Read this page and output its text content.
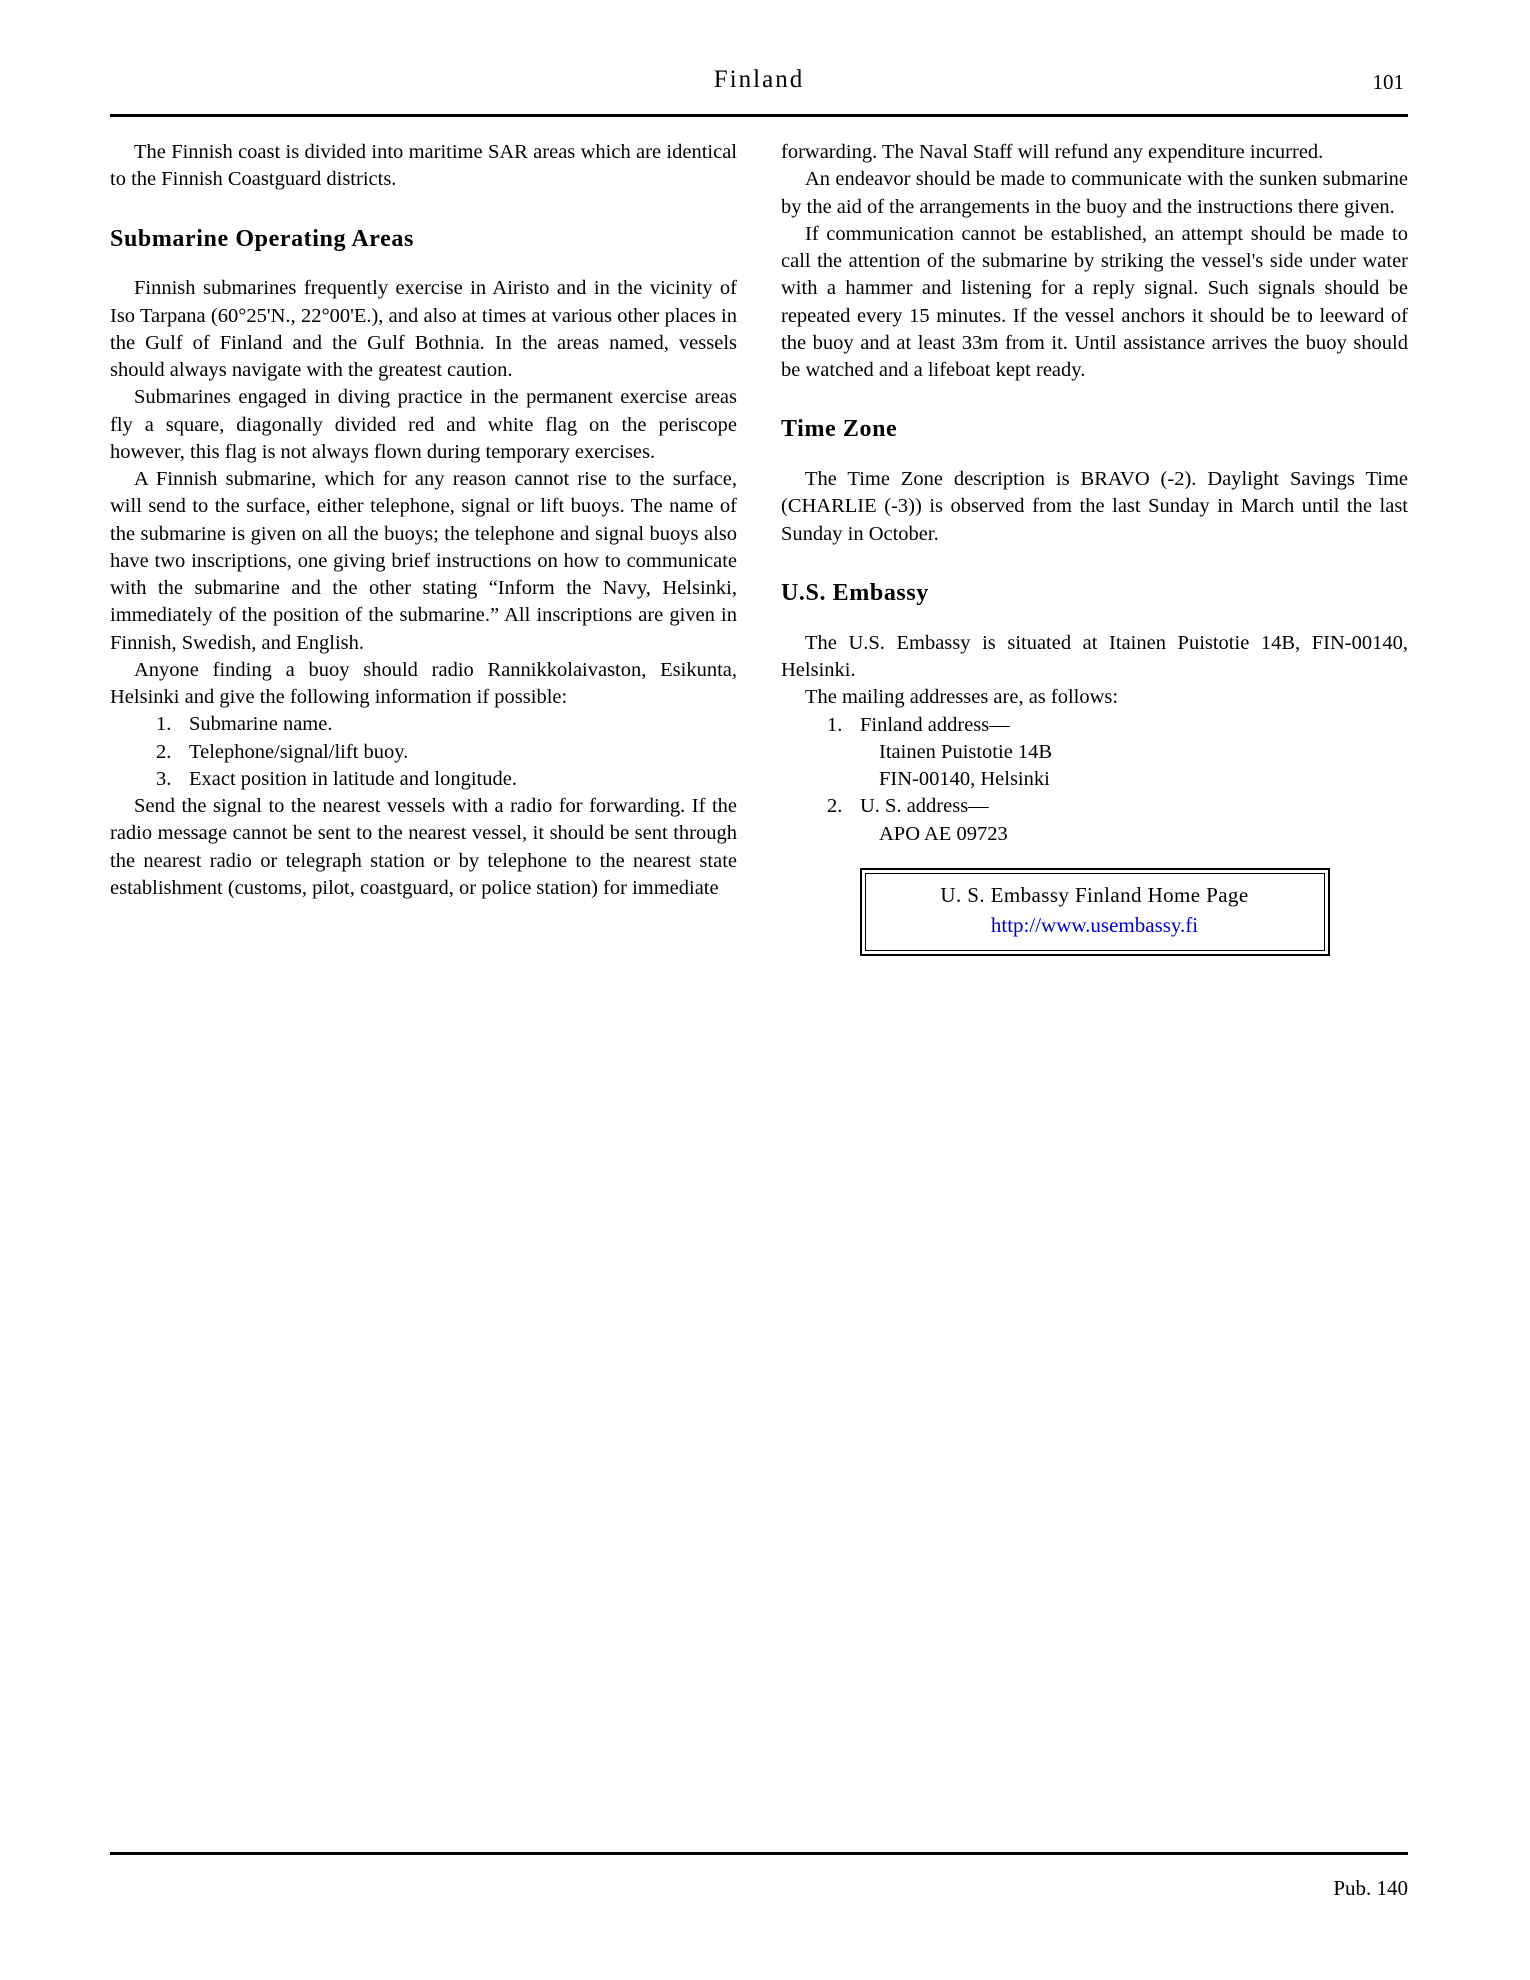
Finland	101

The Finnish coast is divided into maritime SAR areas which are identical to the Finnish Coastguard districts.

Submarine Operating Areas

Finnish submarines frequently exercise in Airisto and in the vicinity of Iso Tarpana (60°25'N., 22°00'E.), and also at times at various other places in the Gulf of Finland and the Gulf Bothnia. In the areas named, vessels should always navigate with the greatest caution.

Submarines engaged in diving practice in the permanent exercise areas fly a square, diagonally divided red and white flag on the periscope however, this flag is not always flown during temporary exercises.

A Finnish submarine, which for any reason cannot rise to the surface, will send to the surface, either telephone, signal or lift buoys. The name of the submarine is given on all the buoys; the telephone and signal buoys also have two inscriptions, one giving brief instructions on how to communicate with the submarine and the other stating “Inform the Navy, Helsinki, immediately of the position of the submarine.” All inscriptions are given in Finnish, Swedish, and English.

Anyone finding a buoy should radio Rannikkolaivaston, Esikunta, Helsinki and give the following information if possible:

1. Submarine name.
2. Telephone/signal/lift buoy.
3. Exact position in latitude and longitude.

Send the signal to the nearest vessels with a radio for forwarding. If the radio message cannot be sent to the nearest vessel, it should be sent through the nearest radio or telegraph station or by telephone to the nearest state establishment (customs, pilot, coastguard, or police station) for immediate

forwarding. The Naval Staff will refund any expenditure incurred.

An endeavor should be made to communicate with the sunken submarine by the aid of the arrangements in the buoy and the instructions there given.

If communication cannot be established, an attempt should be made to call the attention of the submarine by striking the vessel's side under water with a hammer and listening for a reply signal. Such signals should be repeated every 15 minutes. If the vessel anchors it should be to leeward of the buoy and at least 33m from it. Until assistance arrives the buoy should be watched and a lifeboat kept ready.

Time Zone

The Time Zone description is BRAVO (-2). Daylight Savings Time (CHARLIE (-3)) is observed from the last Sunday in March until the last Sunday in October.

U.S. Embassy

The U.S. Embassy is situated at Itainen Puistotie 14B, FIN-00140, Helsinki.

The mailing addresses are, as follows:

1. Finland address—
Itainen Puistotie 14B
FIN-00140, Helsinki
2. U. S. address—
APO AE 09723
U. S. Embassy Finland Home Page
http://www.usembassy.fi
Pub. 140
